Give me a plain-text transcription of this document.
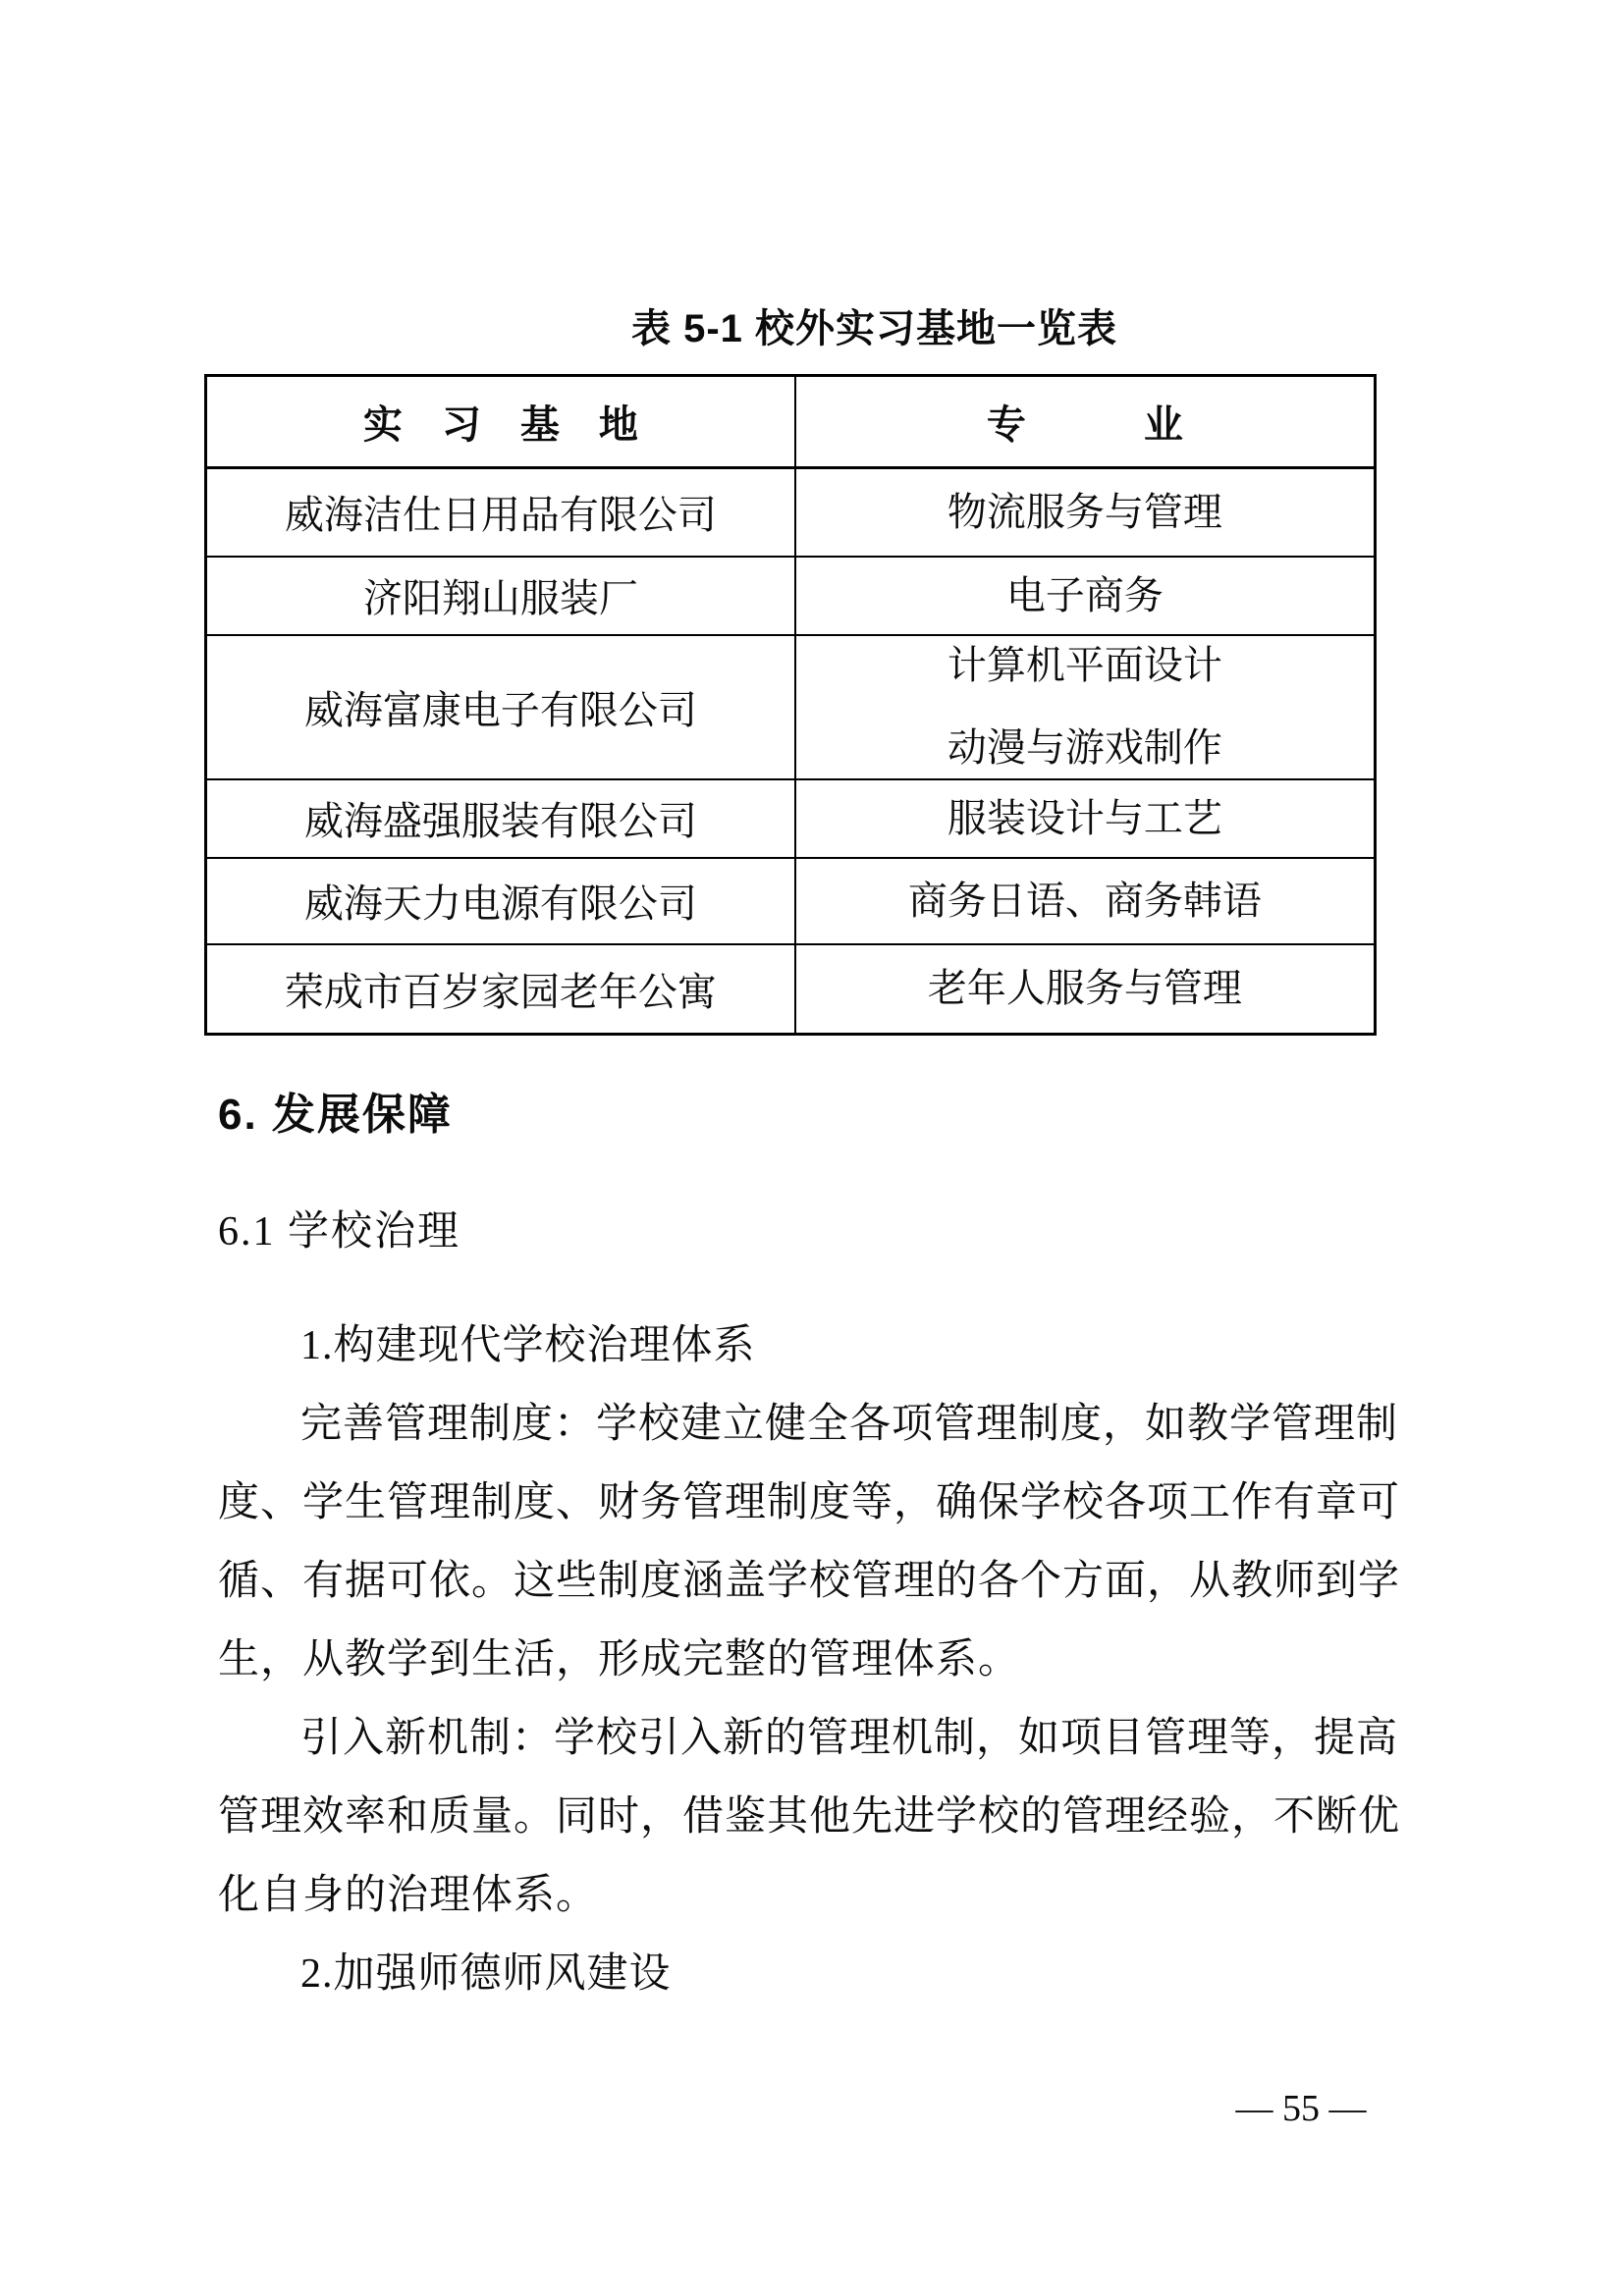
表 5-1 校外实习基地一览表
实　习　基　地	专　　　业
威海洁仕日用品有限公司	物流服务与管理

济阳翔山服装厂	电子商务

威海富康电子有限公司	计算机平面设计
动漫与游戏制作

威海盛强服装有限公司	服装设计与工艺

威海天力电源有限公司	商务日语、商务韩语

荣成市百岁家园老年公寓	老年人服务与管理
6. 发展保障
6.1 学校治理
1.构建现代学校治理体系
完善管理制度：学校建立健全各项管理制度，如教学管理制
度、学生管理制度、财务管理制度等，确保学校各项工作有章可
循、有据可依。这些制度涵盖学校管理的各个方面，从教师到学
生，从教学到生活，形成完整的管理体系。
引入新机制：学校引入新的管理机制，如项目管理等，提高
管理效率和质量。同时，借鉴其他先进学校的管理经验，不断优
化自身的治理体系。
2.加强师德师风建设
— 55 —
